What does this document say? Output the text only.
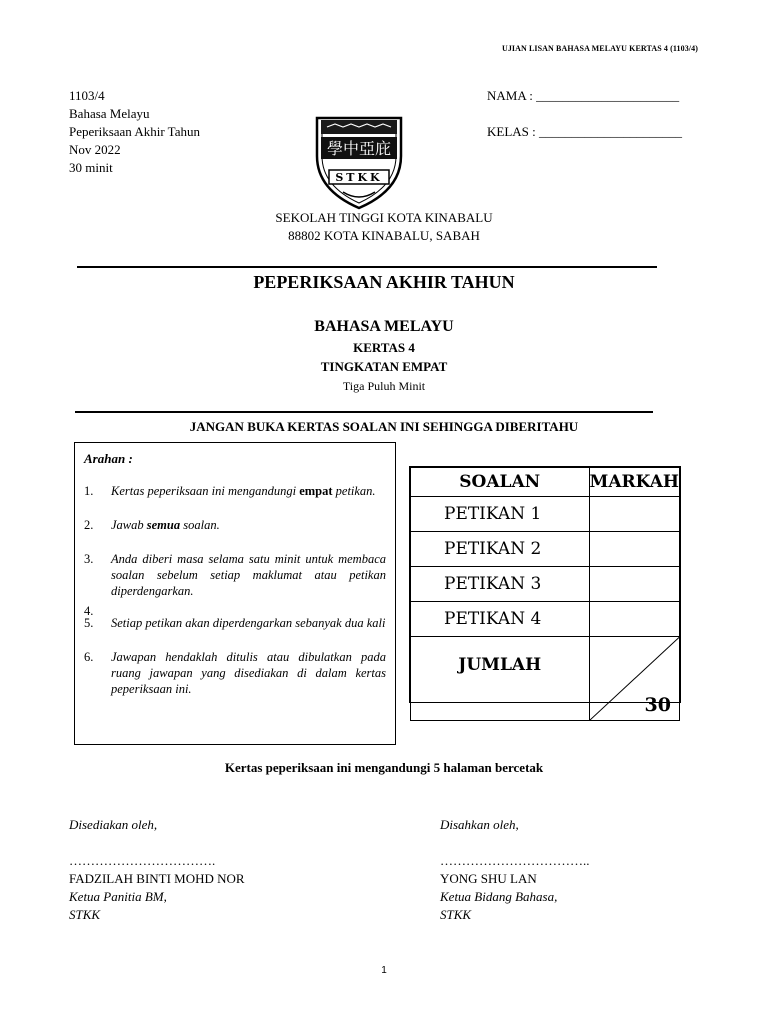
UJIAN LISAN BAHASA MELAYU KERTAS 4 (1103/4)
1103/4
Bahasa Melayu
Peperiksaan Akhir Tahun
Nov 2022
30 minit
NAMA : ______________________
KELAS : ______________________
學中亞庇
STKK
SEKOLAH TINGGI KOTA KINABALU
88802 KOTA KINABALU, SABAH
PEPERIKSAAN AKHIR TAHUN
BAHASA MELAYU
KERTAS 4
TINGKATAN EMPAT
Tiga Puluh Minit
JANGAN BUKA KERTAS SOALAN INI SEHINGGA DIBERITAHU
Arahan :
1. Kertas peperiksaan ini mengandungi empat petikan.
2. Jawab semua soalan.
3. Anda diberi masa selama satu minit untuk membaca soalan sebelum setiap maklumat atau petikan diperdengarkan.
4.
5. Setiap petikan akan diperdengarkan sebanyak dua kali
6. Jawapan hendaklah ditulis atau dibulatkan pada ruang jawapan yang disediakan di dalam kertas peperiksaan ini.
SOALAN	MARKAH
PETIKAN 1	
PETIKAN 2	
PETIKAN 3	
PETIKAN 4	
JUMLAH	30
Kertas peperiksaan ini mengandungi 5 halaman bercetak
Disediakan oleh,
…………………………….
FADZILAH BINTI MOHD NOR
Ketua Panitia BM,
STKK
Disahkan oleh,
……………………………..
YONG SHU LAN
Ketua Bidang Bahasa,
STKK
1
